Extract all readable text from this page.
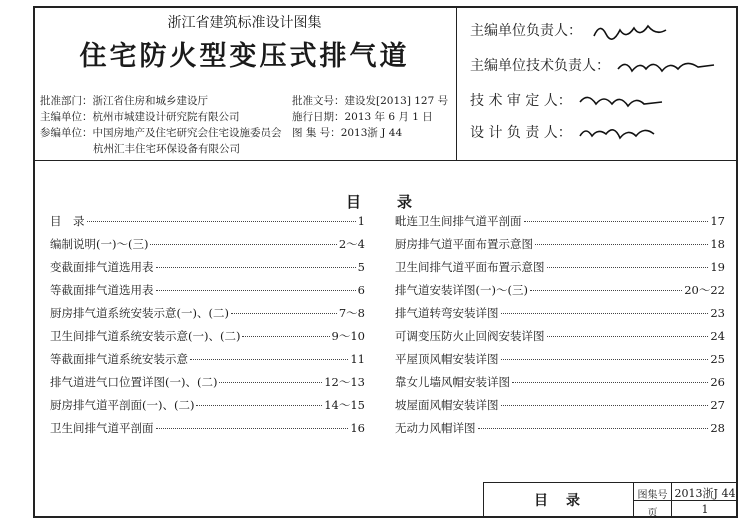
浙江省建筑标准设计图集
住宅防火型变压式排气道
批准部门：浙江省住房和城乡建设厅
主编单位：杭州市城建设计研究院有限公司
参编单位：中国房地产及住宅研究会住宅设施委员会
杭州汇丰住宅环保设备有限公司
批准文号：建设发[2013] 127 号
施行日期：2013 年 6 月 1 日
图 集 号：2013浙 J 44
主编单位负责人：
主编单位技术负责人：
技 术 审 定 人：
设 计 负 责 人：
目 录
目　录	1
编制说明(一)～(三)	2～4
变截面排气道选用表	5
等截面排气道选用表	6
厨房排气道系统安装示意(一)、(二)	7～8
卫生间排气道系统安装示意(一)、(二)	9～10
等截面排气道系统安装示意	11
排气道进气口位置详图(一)、(二)	12～13
厨房排气道平剖面(一)、(二)	14～15
卫生间排气道平剖面	16
毗连卫生间排气道平剖面	17
厨房排气道平面布置示意图	18
卫生间排气道平面布置示意图	19
排气道安装详图(一)～(三)	20～22
排气道转弯安装详图	23
可调变压防火止回阀安装详图	24
平屋顶风帽安装详图	25
靠女儿墙风帽安装详图	26
坡屋面风帽安装详图	27
无动力风帽详图	28
目　录	图集号 2013浙J 44
页	1
